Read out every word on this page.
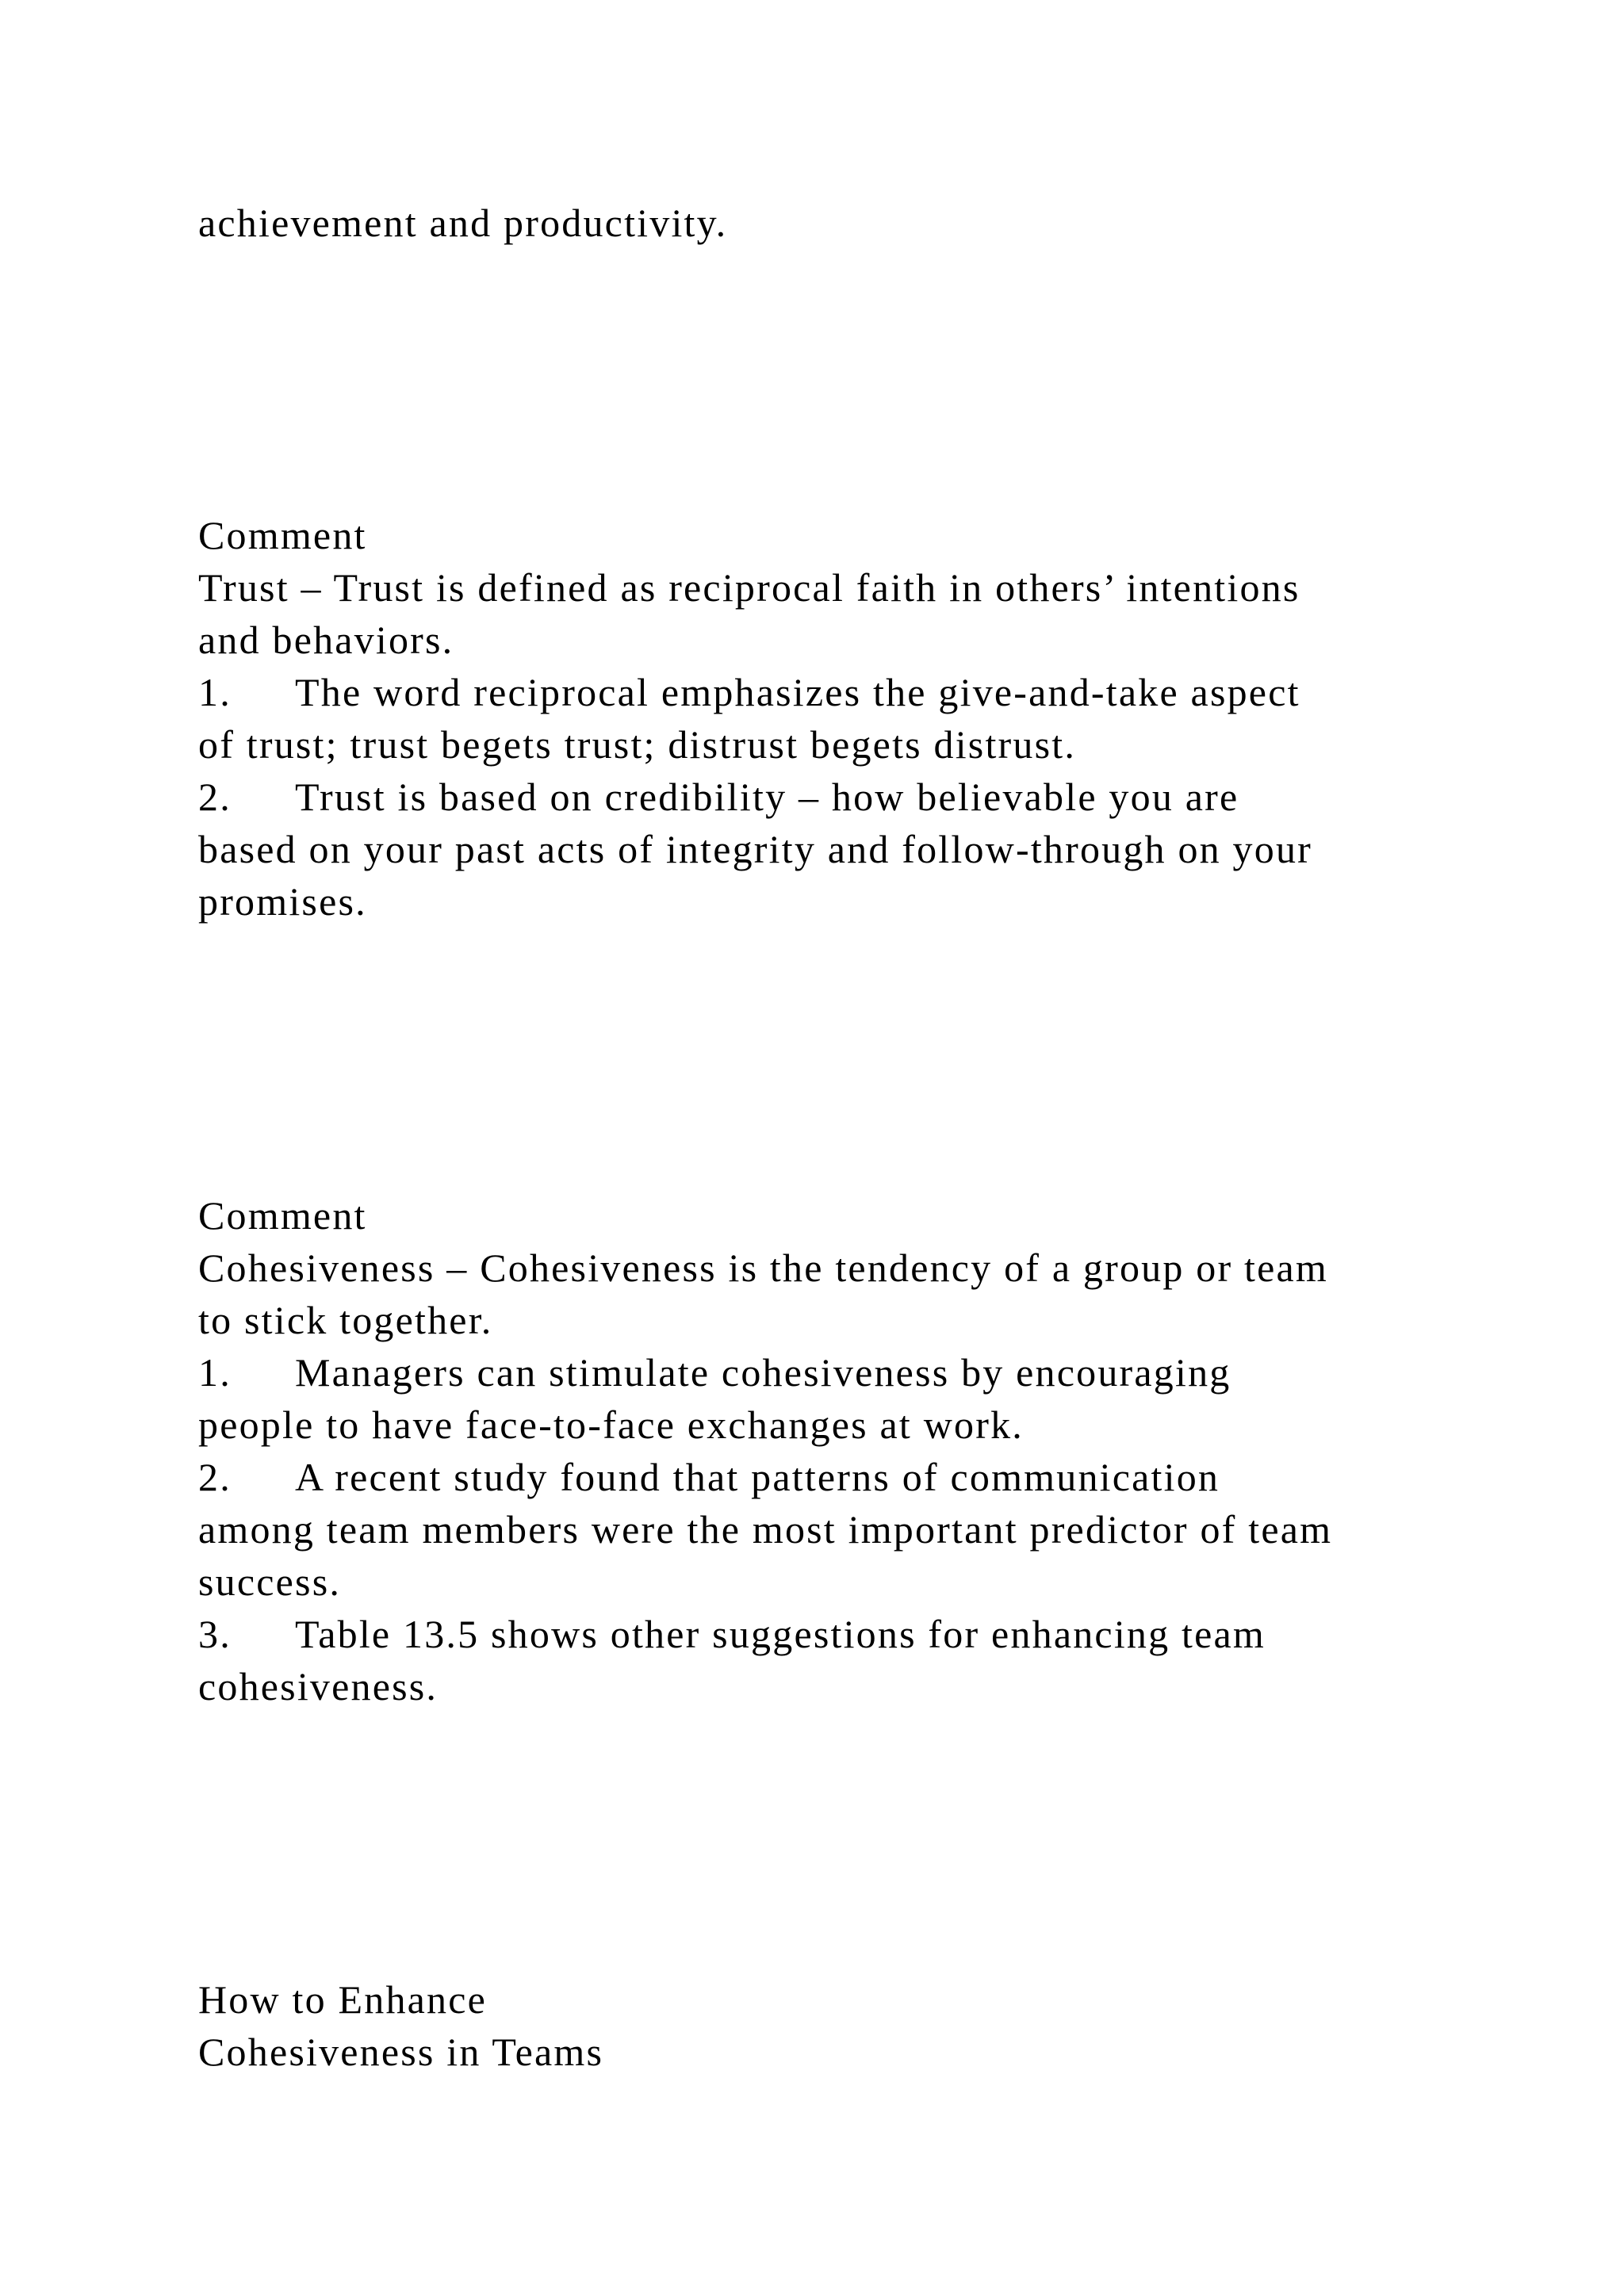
achievement and productivity.

Comment

Trust – Trust is defined as reciprocal faith in others’ intentions

and behaviors.

1. The word reciprocal emphasizes the give-and-take aspect

of trust; trust begets trust; distrust begets distrust.

2. Trust is based on credibility – how believable you are

based on your past acts of integrity and follow-through on your

promises.

Comment

Cohesiveness – Cohesiveness is the tendency of a group or team

to stick together.

1. Managers can stimulate cohesiveness by encouraging

people to have face-to-face exchanges at work.

2. A recent study found that patterns of communication

among team members were the most important predictor of team

success.

3. Table 13.5 shows other suggestions for enhancing team

cohesiveness.

How to Enhance

Cohesiveness in Teams
